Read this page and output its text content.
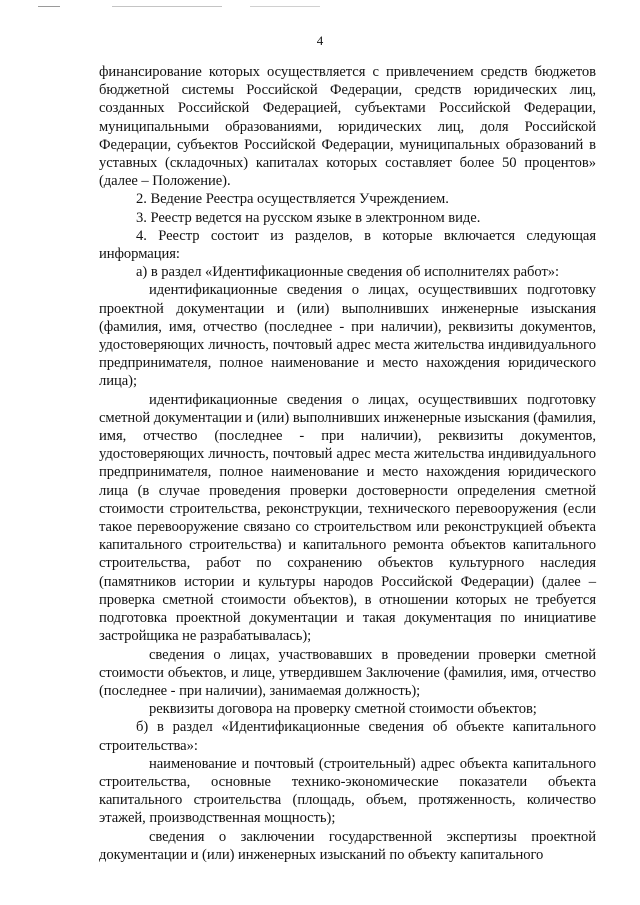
4

финансирование которых осуществляется с привлечением средств бюджетов бюджетной системы Российской Федерации, средств юридических лиц, созданных Российской Федерацией, субъектами Российской Федерации, муниципальными образованиями, юридических лиц, доля Российской Федерации, субъектов Российской Федерации, муниципальных образований в уставных (складочных) капиталах которых составляет более 50 процентов» (далее – Положение).

2. Ведение Реестра осуществляется Учреждением.

3. Реестр ведется на русском языке в электронном виде.

4. Реестр состоит из разделов, в которые включается следующая информация:

а) в раздел «Идентификационные сведения об исполнителях работ»:

идентификационные сведения о лицах, осуществивших подготовку проектной документации и (или) выполнивших инженерные изыскания (фамилия, имя, отчество (последнее - при наличии), реквизиты документов, удостоверяющих личность, почтовый адрес места жительства индивидуального предпринимателя, полное наименование и место нахождения юридического лица);

идентификационные сведения о лицах, осуществивших подготовку сметной документации и (или) выполнивших инженерные изыскания (фамилия, имя, отчество (последнее - при наличии), реквизиты документов, удостоверяющих личность, почтовый адрес места жительства индивидуального предпринимателя, полное наименование и место нахождения юридического лица (в случае проведения проверки достоверности определения сметной стоимости строительства, реконструкции, технического перевооружения (если такое перевооружение связано со строительством или реконструкцией объекта капитального строительства) и капитального ремонта объектов капитального строительства, работ по сохранению объектов культурного наследия (памятников истории и культуры народов Российской Федерации) (далее – проверка сметной стоимости объектов), в отношении которых не требуется подготовка проектной документации и такая документация по инициативе застройщика не разрабатывалась);

сведения о лицах, участвовавших в проведении проверки сметной стоимости объектов, и лице, утвердившем Заключение (фамилия, имя, отчество (последнее - при наличии), занимаемая должность);

реквизиты договора на проверку сметной стоимости объектов;

б) в раздел «Идентификационные сведения об объекте капитального строительства»:

наименование и почтовый (строительный) адрес объекта капитального строительства, основные технико-экономические показатели объекта капитального строительства (площадь, объем, протяженность, количество этажей, производственная мощность);

сведения о заключении государственной экспертизы проектной документации и (или) инженерных изысканий по объекту капитального
